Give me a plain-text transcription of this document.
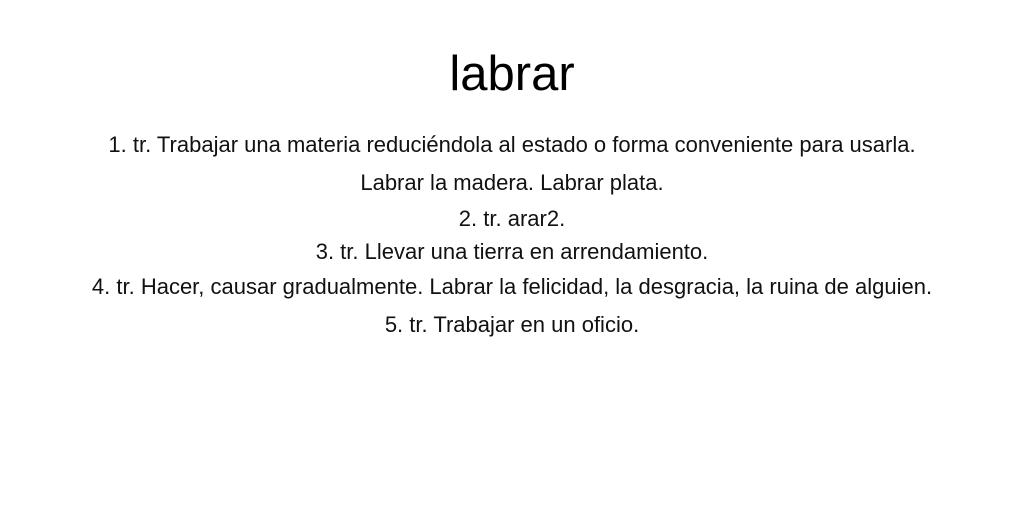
labrar
1. tr. Trabajar una materia reduciéndola al estado o forma conveniente para usarla. Labrar la madera. Labrar plata.
2. tr. arar2.
3. tr. Llevar una tierra en arrendamiento.
4. tr. Hacer, causar gradualmente. Labrar la felicidad, la desgracia, la ruina de alguien.
5. tr. Trabajar en un oficio.
